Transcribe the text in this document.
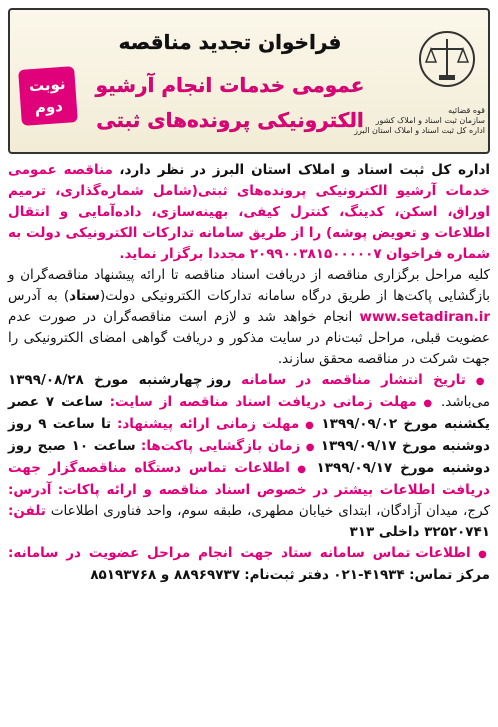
قوه قضائیه
سازمان ثبت اسناد و املاک کشور
اداره کل ثبت اسناد و املاک استان البرز
فراخوان تجدید مناقصه
عمومی خدمات انجام آرشیو
الکترونیکی پرونده‌های ثبتی
نوبت دوم

اداره کل ثبت اسناد و املاک استان البرز در نظر دارد، مناقصه عمومی خدمات آرشیو الکترونیکی پرونده‌های ثبتی(شامل شماره‌گذاری، ترمیم اوراق، اسکن، کدینگ، کنترل کیفی، بهینه‌سازی، داده‌آمایی و انتقال اطلاعات و تعویض پوشه) را از طریق سامانه تدارکات الکترونیکی دولت به شماره فراخوان ۲۰۹۹۰۰۳۸۱۵۰۰۰۰۰۷ مجددا برگزار نماید.

کلیه مراحل برگزاری مناقصه از دریافت اسناد مناقصه تا ارائه پیشنهاد مناقصه‌گران و بازگشایی پاکت‌ها از طریق درگاه سامانه تدارکات الکترونیکی دولت(ستاد) به آدرس www.setadiran.ir انجام خواهد شد و لازم است مناقصه‌گران در صورت عدم عضویت قبلی، مراحل ثبت‌نام در سایت مذکور و دریافت گواهی امضای الکترونیکی را جهت شرکت در مناقصه محقق سازند.

● تاریخ انتشار مناقصه در سامانه روز چهارشنبه مورخ ۱۳۹۹/۰۸/۲۸ می‌باشد. ● مهلت زمانی دریافت اسناد مناقصه از سایت: ساعت ۷ عصر یکشنبه مورخ ۱۳۹۹/۰۹/۰۲ ● مهلت زمانی ارائه پیشنهاد: تا ساعت ۹ روز دوشنبه مورخ ۱۳۹۹/۰۹/۱۷ ● زمان بازگشایی پاکت‌ها: ساعت ۱۰ صبح روز دوشنبه مورخ ۱۳۹۹/۰۹/۱۷ ● اطلاعات تماس دستگاه مناقصه‌گزار جهت دریافت اطلاعات بیشتر در خصوص اسناد مناقصه و ارائه پاکات: آدرس: کرج، میدان آزادگان، ابتدای خیابان مطهری، طبقه سوم، واحد فناوری اطلاعات تلفن: ۳۲۵۲۰۷۴۱ داخلی ۳۱۳

● اطلاعات تماس سامانه ستاد جهت انجام مراحل عضویت در سامانه: مرکز تماس: ۴۱۹۳۴-۰۲۱ دفتر ثبت‌نام: ۸۸۹۶۹۷۳۷ و ۸۵۱۹۳۷۶۸
